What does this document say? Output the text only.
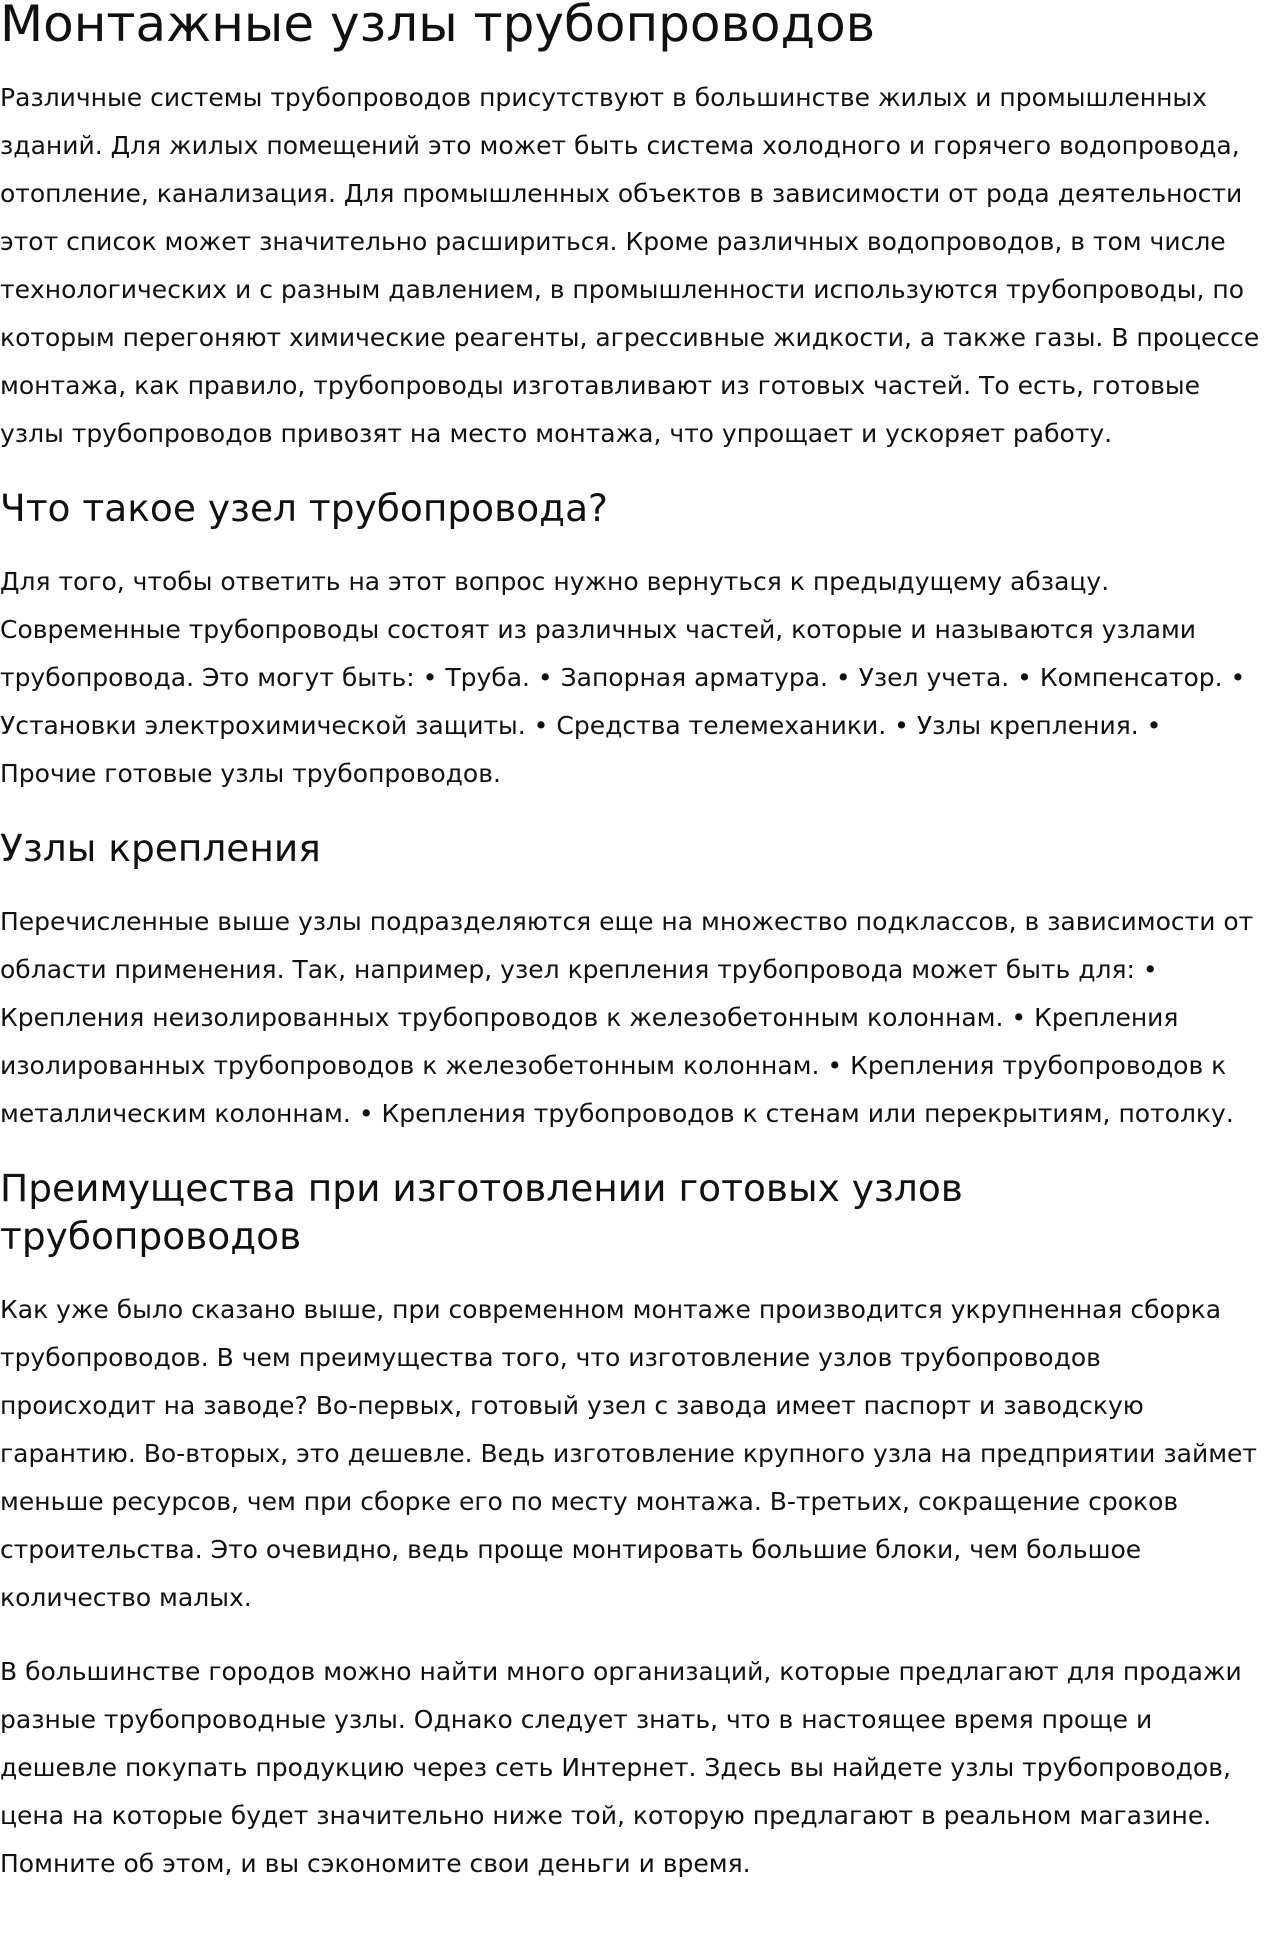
Монтажные узлы трубопроводов

Различные системы трубопроводов присутствуют в большинстве жилых и промышленных зданий. Для жилых помещений это может быть система холодного и горячего водопровода, отопление, канализация. Для промышленных объектов в зависимости от рода деятельности этот список может значительно расшириться. Кроме различных водопроводов, в том числе технологических и с разным давлением, в промышленности используются трубопроводы, по которым перегоняют химические реагенты, агрессивные жидкости, а также газы. В процессе монтажа, как правило, трубопроводы изготавливают из готовых частей. То есть, готовые узлы трубопроводов привозят на место монтажа, что упрощает и ускоряет работу.

Что такое узел трубопровода?

Для того, чтобы ответить на этот вопрос нужно вернуться к предыдущему абзацу. Современные трубопроводы состоят из различных частей, которые и называются узлами трубопровода. Это могут быть: • Труба. • Запорная арматура. • Узел учета. • Компенсатор. • Установки электрохимической защиты. • Средства телемеханики. • Узлы крепления. • Прочие готовые узлы трубопроводов.

Узлы крепления

Перечисленные выше узлы подразделяются еще на множество подклассов, в зависимости от области применения. Так, например, узел крепления трубопровода может быть для: • Крепления неизолированных трубопроводов к железобетонным колоннам. • Крепления изолированных трубопроводов к железобетонным колоннам. • Крепления трубопроводов к металлическим колоннам. • Крепления трубопроводов к стенам или перекрытиям, потолку.

Преимущества при изготовлении готовых узлов трубопроводов

Как уже было сказано выше, при современном монтаже производится укрупненная сборка трубопроводов. В чем преимущества того, что изготовление узлов трубопроводов происходит на заводе? Во-первых, готовый узел с завода имеет паспорт и заводскую гарантию. Во-вторых, это дешевле. Ведь изготовление крупного узла на предприятии займет меньше ресурсов, чем при сборке его по месту монтажа. В-третьих, сокращение сроков строительства. Это очевидно, ведь проще монтировать большие блоки, чем большое количество малых.

В большинстве городов можно найти много организаций, которые предлагают для продажи разные трубопроводные узлы. Однако следует знать, что в настоящее время проще и дешевле покупать продукцию через сеть Интернет. Здесь вы найдете узлы трубопроводов, цена на которые будет значительно ниже той, которую предлагают в реальном магазине. Помните об этом, и вы сэкономите свои деньги и время.
